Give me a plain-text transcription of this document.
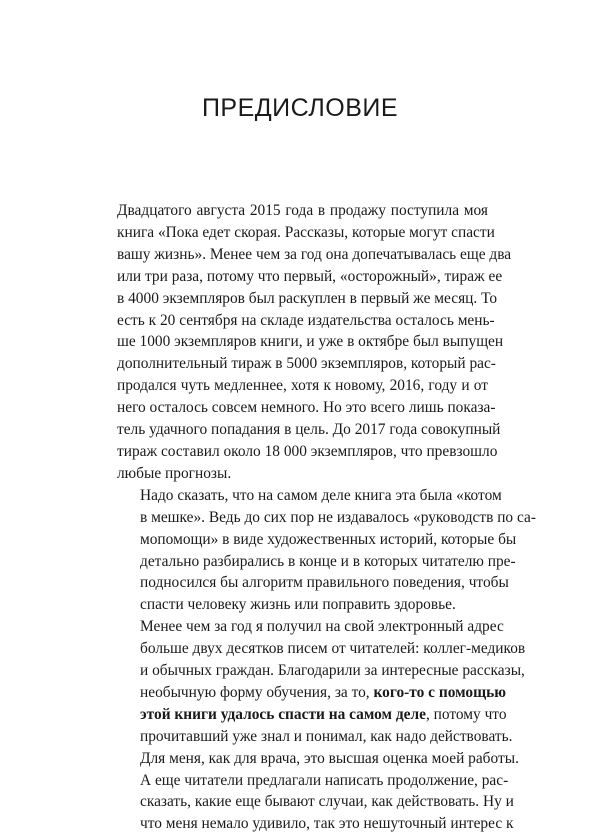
ПРЕДИСЛОВИЕ

Двадцатого августа 2015 года в продажу поступила моя
книга «Пока едет скорая. Рассказы, которые могут спасти
вашу жизнь». Менее чем за год она допечатывалась еще два
или три раза, потому что первый, «осторожный», тираж ее
в 4000 экземпляров был раскуплен в первый же месяц. То
есть к 20 сентября на складе издательства осталось мень-
ше 1000 экземпляров книги, и уже в октябре был выпущен
дополнительный тираж в 5000 экземпляров, который рас-
продался чуть медленнее, хотя к новому, 2016, году и от
него осталось совсем немного. Но это всего лишь показа-
тель удачного попадания в цель. До 2017 года совокупный
тираж составил около 18 000 экземпляров, что превзошло
любые прогнозы.

Надо сказать, что на самом деле книга эта была «котом
в мешке». Ведь до сих пор не издавалось «руководств по са-
мопомощи» в виде художественных историй, которые бы
детально разбирались в конце и в которых читателю пре-
подносился бы алгоритм правильного поведения, чтобы
спасти человеку жизнь или поправить здоровье.

Менее чем за год я получил на свой электронный адрес
больше двух десятков писем от читателей: коллег-медиков
и обычных граждан. Благодарили за интересные рассказы,
необычную форму обучения, за то, кого-то с помощью
этой книги удалось спасти на самом деле, потому что
прочитавший уже знал и понимал, как надо действовать.
Для меня, как для врача, это высшая оценка моей работы.

А еще читатели предлагали написать продолжение, рас-
сказать, какие еще бывают случаи, как действовать. Ну и
что меня немало удивило, так это нешуточный интерес к
